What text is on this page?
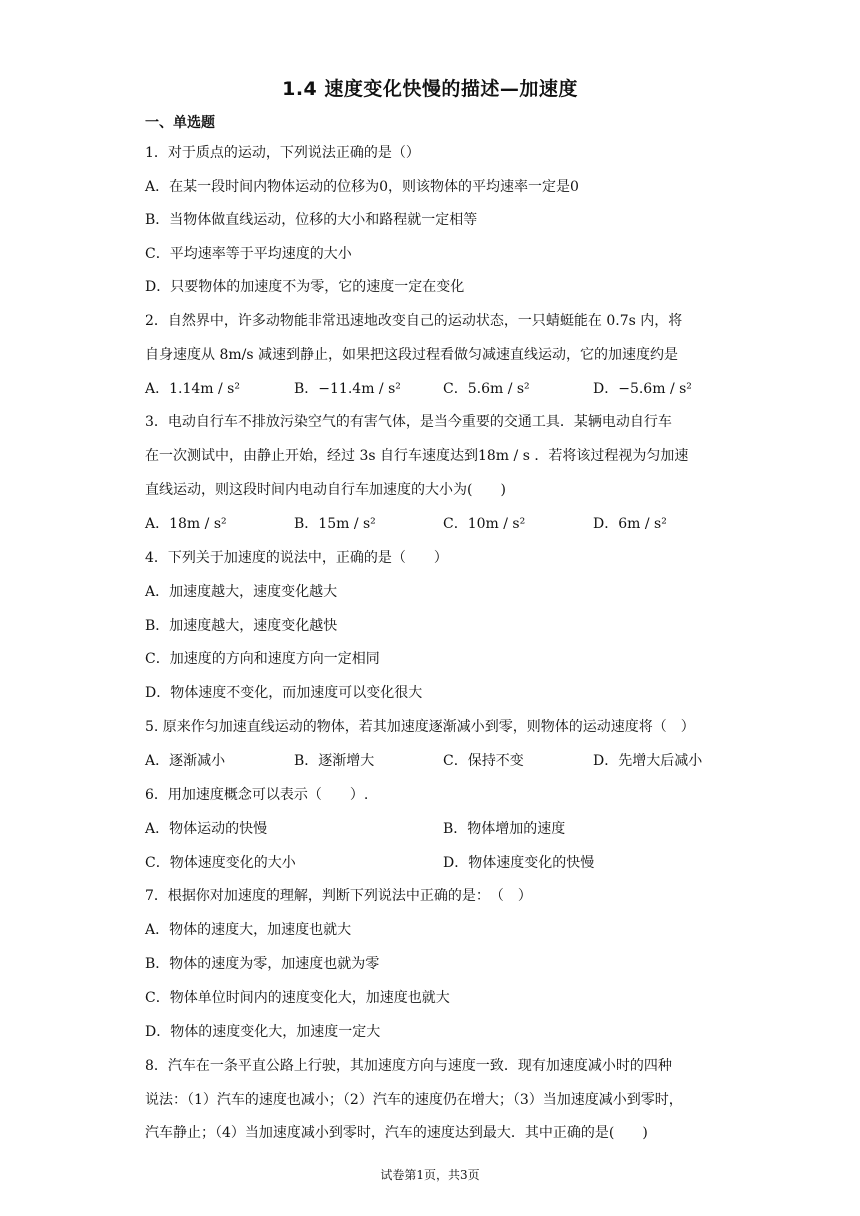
1.4 速度变化快慢的描述—加速度
一、单选题
1．对于质点的运动，下列说法正确的是（）
A．在某一段时间内物体运动的位移为0，则该物体的平均速率一定是0
B．当物体做直线运动，位移的大小和路程就一定相等
C．平均速率等于平均速度的大小
D．只要物体的加速度不为零，它的速度一定在变化
2．自然界中，许多动物能非常迅速地改变自己的运动状态，一只蜻蜓能在 0.7s 内，将
自身速度从 8m/s 减速到静止，如果把这段过程看做匀减速直线运动，它的加速度约是
A．1.14m / s²	B．−11.4m / s²	C．5.6m / s²	D．−5.6m / s²
3．电动自行车不排放污染空气的有害气体，是当今重要的交通工具．某辆电动自行车
在一次测试中，由静止开始，经过 3s 自行车速度达到18m / s ．若将该过程视为匀加速
直线运动，则这段时间内电动自行车加速度的大小为(　　)
A．18m / s²	B．15m / s²	C．10m / s²	D．6m / s²
4．下列关于加速度的说法中，正确的是（　　）
A．加速度越大，速度变化越大
B．加速度越大，速度变化越快
C．加速度的方向和速度方向一定相同
D．物体速度不变化，而加速度可以变化很大
5. 原来作匀加速直线运动的物体，若其加速度逐渐减小到零，则物体的运动速度将（　）
A．逐渐减小	B．逐渐增大	C．保持不变	D．先增大后减小
6．用加速度概念可以表示（　　）.
A．物体运动的快慢	B．物体增加的速度
C．物体速度变化的大小	D．物体速度变化的快慢
7．根据你对加速度的理解，判断下列说法中正确的是：　（　）
A．物体的速度大，加速度也就大
B．物体的速度为零，加速度也就为零
C．物体单位时间内的速度变化大，加速度也就大
D．物体的速度变化大，加速度一定大
8．汽车在一条平直公路上行驶，其加速度方向与速度一致．现有加速度减小时的四种
说法：（1）汽车的速度也减小；（2）汽车的速度仍在增大；（3）当加速度减小到零时，
汽车静止；（4）当加速度减小到零时，汽车的速度达到最大．其中正确的是(　　)
试卷第1页，共3页
